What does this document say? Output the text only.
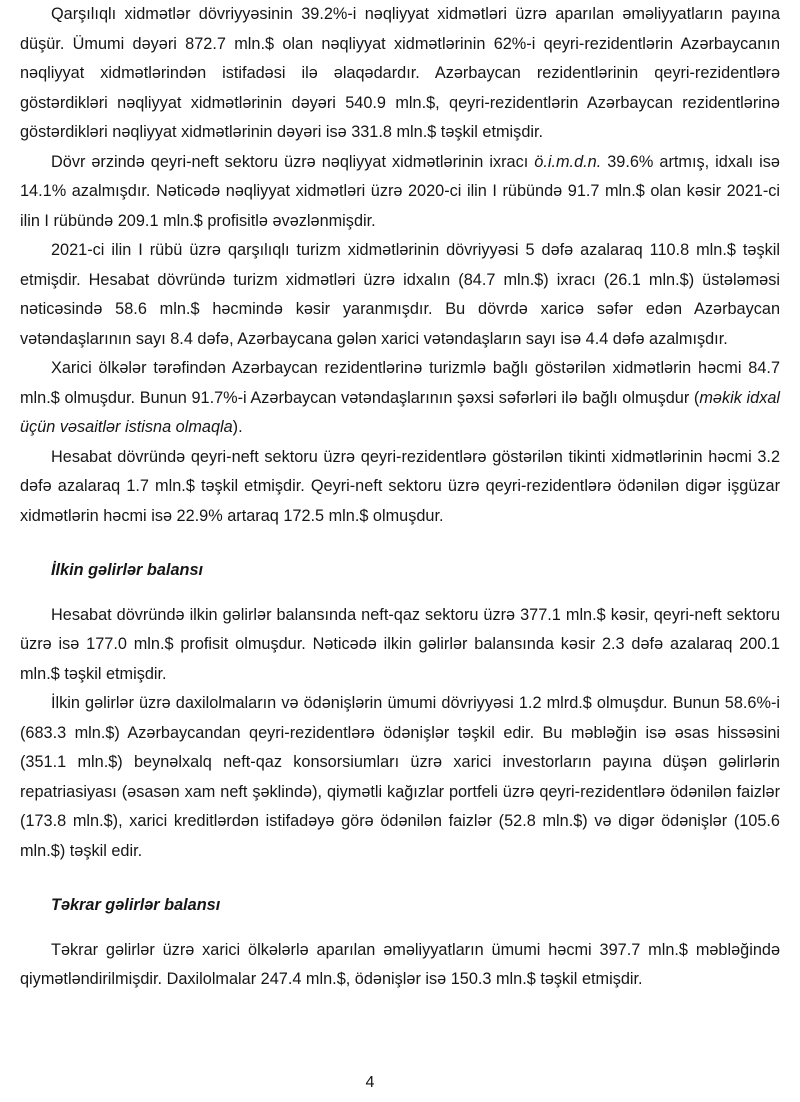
Qarşılıqlı xidmətlər dövriyyəsinin 39.2%-i nəqliyyat xidmətləri üzrə aparılan əməliyyatların payına düşür. Ümumi dəyəri 872.7 mln.$ olan nəqliyyat xidmətlərinin 62%-i qeyri-rezidentlərin Azərbaycanın nəqliyyat xidmətlərindən istifadəsi ilə əlaqədardır. Azərbaycan rezidentlərinin qeyri-rezidentlərə göstərdikləri nəqliyyat xidmətlərinin dəyəri 540.9 mln.$, qeyri-rezidentlərin Azərbaycan rezidentlərinə göstərdikləri nəqliyyat xidmətlərinin dəyəri isə 331.8 mln.$ təşkil etmişdir.

Dövr ərzində qeyri-neft sektoru üzrə nəqliyyat xidmətlərinin ixracı ö.i.m.d.n. 39.6% artmış, idxalı isə 14.1% azalmışdır. Nəticədə nəqliyyat xidmətləri üzrə 2020-ci ilin I rübündə 91.7 mln.$ olan kəsir 2021-ci ilin I rübündə 209.1 mln.$ profisitlə əvəzlənmişdir.

2021-ci ilin I rübü üzrə qarşılıqlı turizm xidmətlərinin dövriyyəsi 5 dəfə azalaraq 110.8 mln.$ təşkil etmişdir. Hesabat dövründə turizm xidmətləri üzrə idxalın (84.7 mln.$) ixracı (26.1 mln.$) üstələməsi nəticəsində 58.6 mln.$ həcmində kəsir yaranmışdır. Bu dövrdə xaricə səfər edən Azərbaycan vətəndaşlarının sayı 8.4 dəfə, Azərbaycana gələn xarici vətəndaşların sayı isə 4.4 dəfə azalmışdır.

Xarici ölkələr tərəfindən Azərbaycan rezidentlərinə turizmlə bağlı göstərilən xidmətlərin həcmi 84.7 mln.$ olmuşdur. Bunun 91.7%-i Azərbaycan vətəndaşlarının şəxsi səfərləri ilə bağlı olmuşdur (məkik idxal üçün vəsaitlər istisna olmaqla).

Hesabat dövründə qeyri-neft sektoru üzrə qeyri-rezidentlərə göstərilən tikinti xidmətlərinin həcmi 3.2 dəfə azalaraq 1.7 mln.$ təşkil etmişdir. Qeyri-neft sektoru üzrə qeyri-rezidentlərə ödənilən digər işgüzar xidmətlərin həcmi isə 22.9% artaraq 172.5 mln.$ olmuşdur.

İlkin gəlirlər balansı

Hesabat dövründə ilkin gəlirlər balansında neft-qaz sektoru üzrə 377.1 mln.$ kəsir, qeyri-neft sektoru üzrə isə 177.0 mln.$ profisit olmuşdur. Nəticədə ilkin gəlirlər balansında kəsir 2.3 dəfə azalaraq 200.1 mln.$ təşkil etmişdir.

İlkin gəlirlər üzrə daxilolmaların və ödənişlərin ümumi dövriyyəsi 1.2 mlrd.$ olmuşdur. Bunun 58.6%-i (683.3 mln.$) Azərbaycandan qeyri-rezidentlərə ödənişlər təşkil edir. Bu məbləğin isə əsas hissəsini (351.1 mln.$) beynəlxalq neft-qaz konsorsiumları üzrə xarici investorların payına düşən gəlirlərin repatriasiyası (əsasən xam neft şəklində), qiymətli kağızlar portfeli üzrə qeyri-rezidentlərə ödənilən faizlər (173.8 mln.$), xarici kreditlərdən istifadəyə görə ödənilən faizlər (52.8 mln.$) və digər ödənişlər (105.6 mln.$) təşkil edir.

Təkrar gəlirlər balansı

Təkrar gəlirlər üzrə xarici ölkələrlə aparılan əməliyyatların ümumi həcmi 397.7 mln.$ məbləğində qiymətləndirilmişdir. Daxilolmalar 247.4 mln.$, ödənişlər isə 150.3 mln.$ təşkil etmişdir.

4
